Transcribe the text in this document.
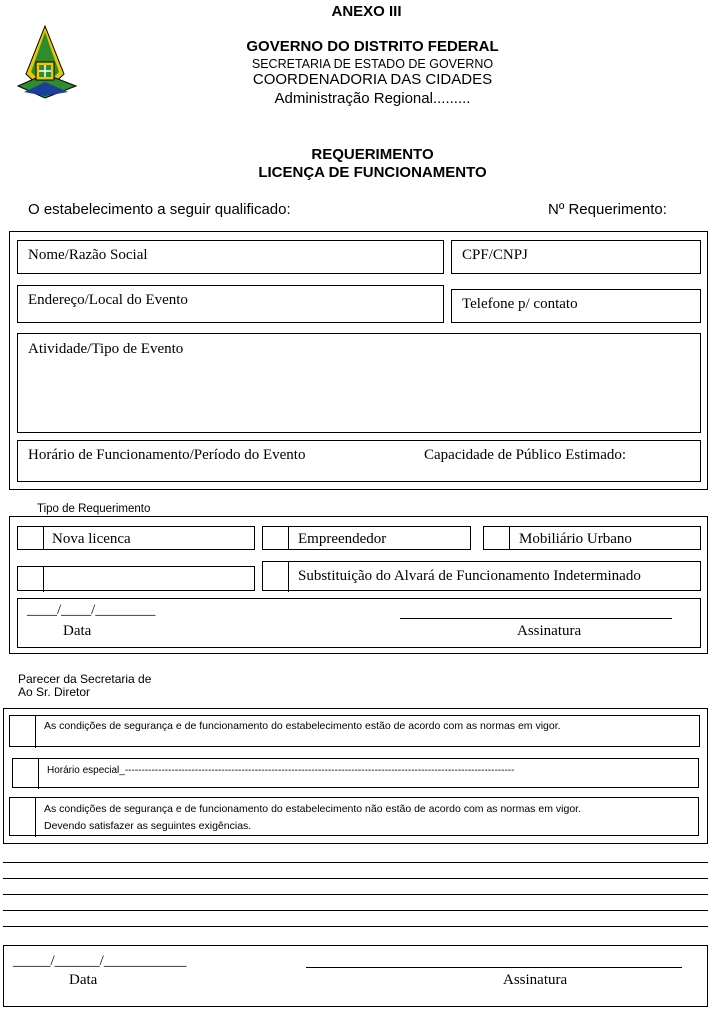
ANEXO III
GOVERNO DO DISTRITO FEDERAL
SECRETARIA DE ESTADO DE GOVERNO
COORDENADORIA DAS CIDADES
Administração Regional.........
REQUERIMENTO
LICENÇA DE FUNCIONAMENTO
O estabelecimento a seguir qualificado:	Nº Requerimento:
Nome/Razão Social	CPF/CNPJ
Endereço/Local do Evento	Telefone p/ contato
Atividade/Tipo de Evento
Horário de Funcionamento/Período do Evento	Capacidade de Público Estimado:
Tipo de Requerimento
Nova licenca	Empreendedor	Mobiliário Urbano
Substituição do Alvará de Funcionamento Indeterminado
____/____/________
Data	Assinatura
Parecer da Secretaria de
Ao Sr. Diretor
As condições de segurança e de funcionamento do estabelecimento estão de acordo com as normas em vigor.
Horário especial_---------------------------------------------------------------------------------------------------------------------
As condições de segurança e de funcionamento do estabelecimento não estão de acordo com as normas em vigor.
Devendo satisfazer as seguintes exigências.
_____/______/___________
Data	Assinatura
